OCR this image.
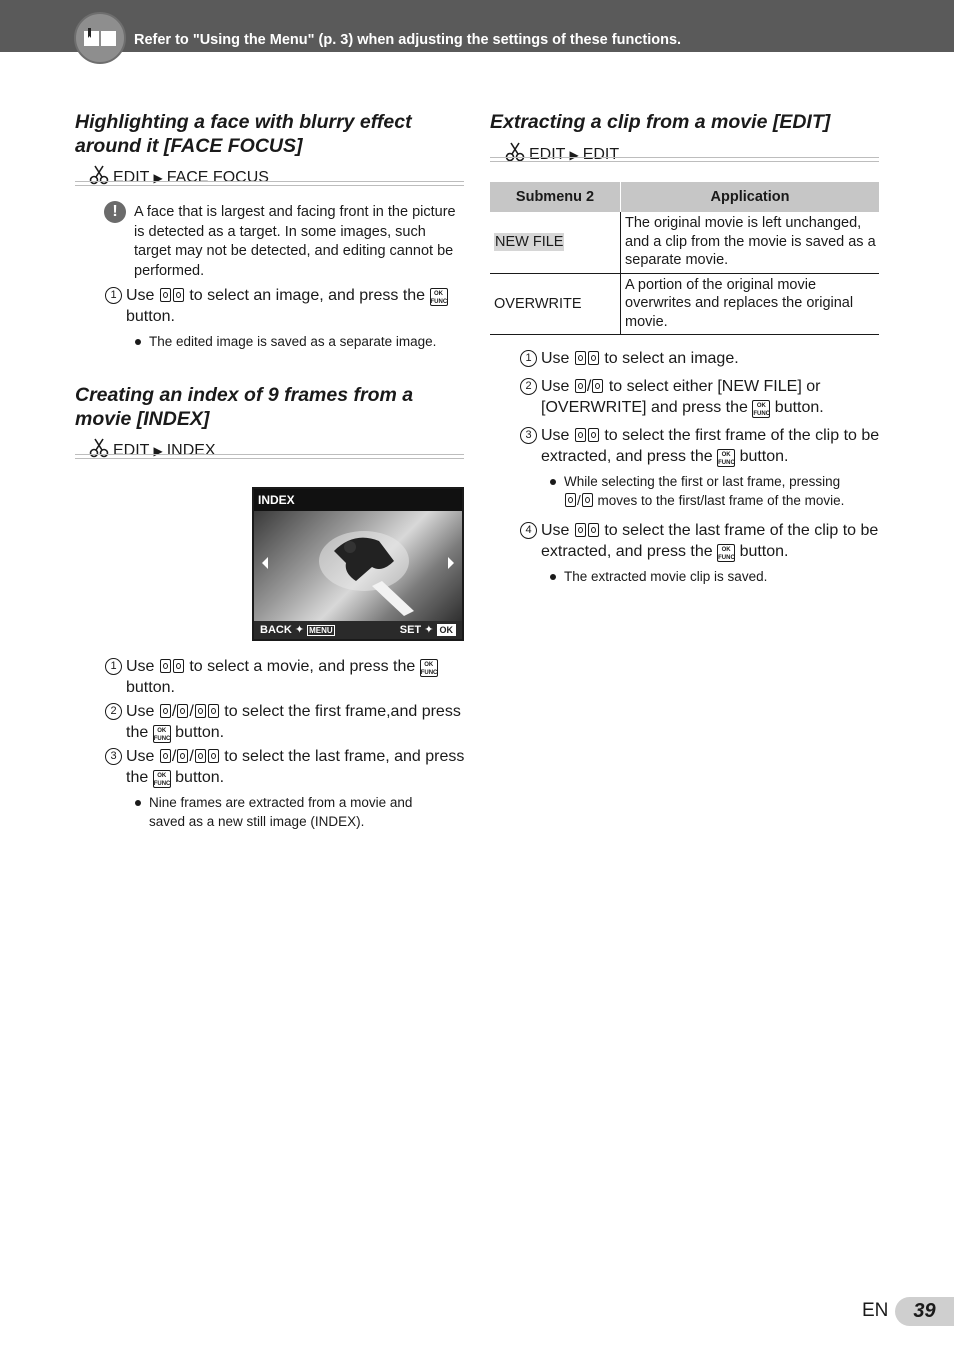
Refer to "Using the Menu" (p. 3) when adjusting the settings of these functions.
Highlighting a face with blurry effect around it [FACE FOCUS]
EDIT ▶ FACE FOCUS
!	A face that is largest and facing front in the picture is detected as a target. In some images, such target may not be detected, and editing cannot be performed.
1 Use to select an image, and press the OK
FUNC button.
The edited image is saved as a separate image.
Creating an index of 9 frames from a movie [INDEX]
EDIT ▶ INDEX
INDEX
BACK ✦ MENU	SET ✦ OK
1 Use to select a movie, and press the OK
FUNC button.
2 Use / / to select the first frame,and press the OK
FUNC button.
3 Use / / to select the last frame, and press the OK
FUNC button.
Nine frames are extracted from a movie and saved as a new still image (INDEX).
Extracting a clip from a movie [EDIT]
EDIT ▶ EDIT
Submenu 2	Application
NEW FILE	The original movie is left unchanged, and a clip from the movie is saved as a separate movie.
OVERWRITE	A portion of the original movie overwrites and replaces the original movie.
1 Use to select an image.
2 Use / to select either [NEW FILE] or [OVERWRITE] and press the OK
FUNC button.
3 Use to select the first frame of the clip to be extracted, and press the OK
FUNC button.
While selecting the first or last frame, pressing
/ moves to the first/last frame of the movie.
4 Use to select the last frame of the clip to be extracted, and press the OK
FUNC button.
The extracted movie clip is saved.
EN	39
